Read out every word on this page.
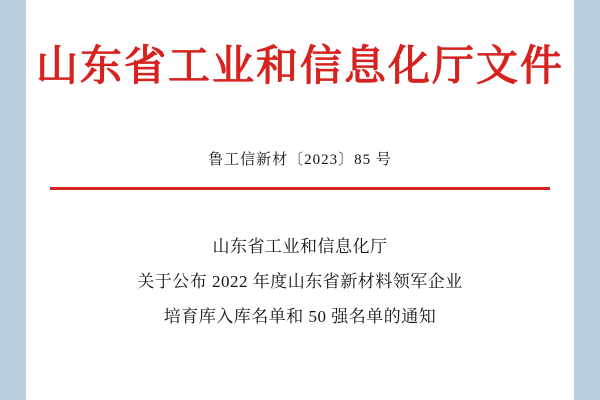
山东省工业和信息化厅文件
鲁工信新材〔2023〕85 号
山东省工业和信息化厅
关于公布 2022 年度山东省新材料领军企业
培育库入库名单和 50 强名单的通知
